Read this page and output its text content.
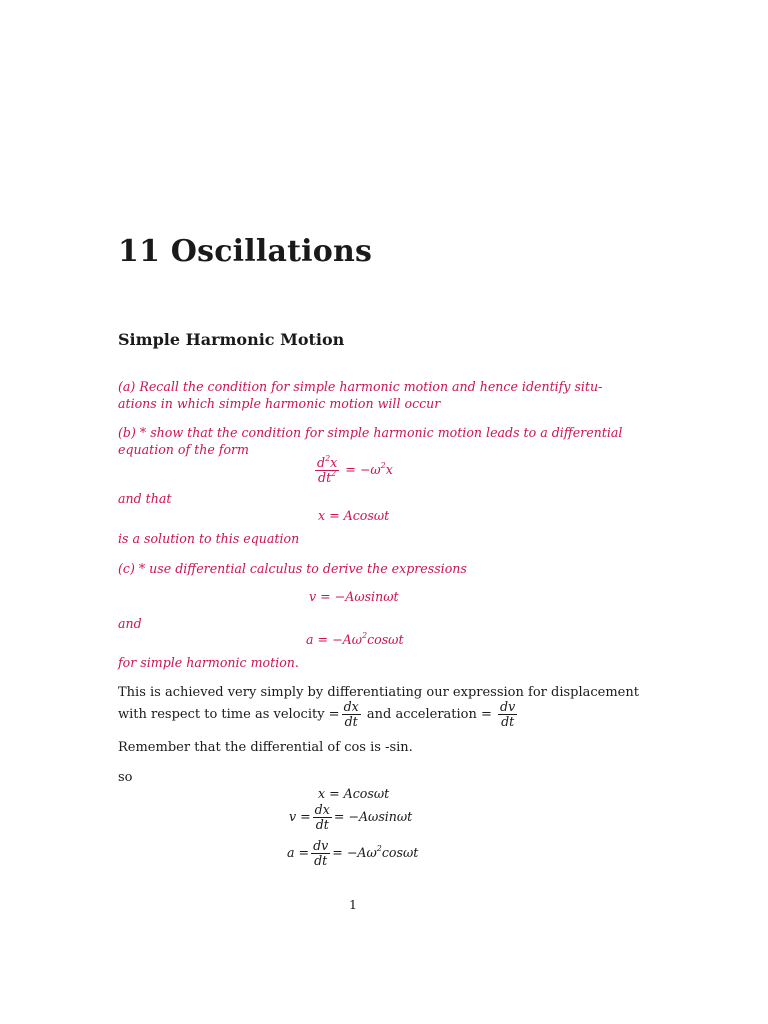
11 Oscillations
Simple Harmonic Motion
(a) Recall the condition for simple harmonic motion and hence identify situ-
ations in which simple harmonic motion will occur
(b) * show that the condition for simple harmonic motion leads to a differential
equation of the form
$\frac{d^2x}{dt^2} = -\omega^2x$
and that
x = Acosωt
is a solution to this equation
(c) * use differential calculus to derive the expressions
v = −Aωsinωt
and
$a = -A\omega^2\cos\omega t$
for simple harmonic motion.
This is achieved very simply by differentiating our expression for displacement
with respect to time as velocity = $\frac{dx}{dt}$ and acceleration = $\frac{dv}{dt}$
Remember that the differential of cos is -sin.
so
x = Acosωt
$v = \frac{dx}{dt} = -A\omega\sin\omega t$
$a = \frac{dv}{dt} = -A\omega^2\cos\omega t$
1
